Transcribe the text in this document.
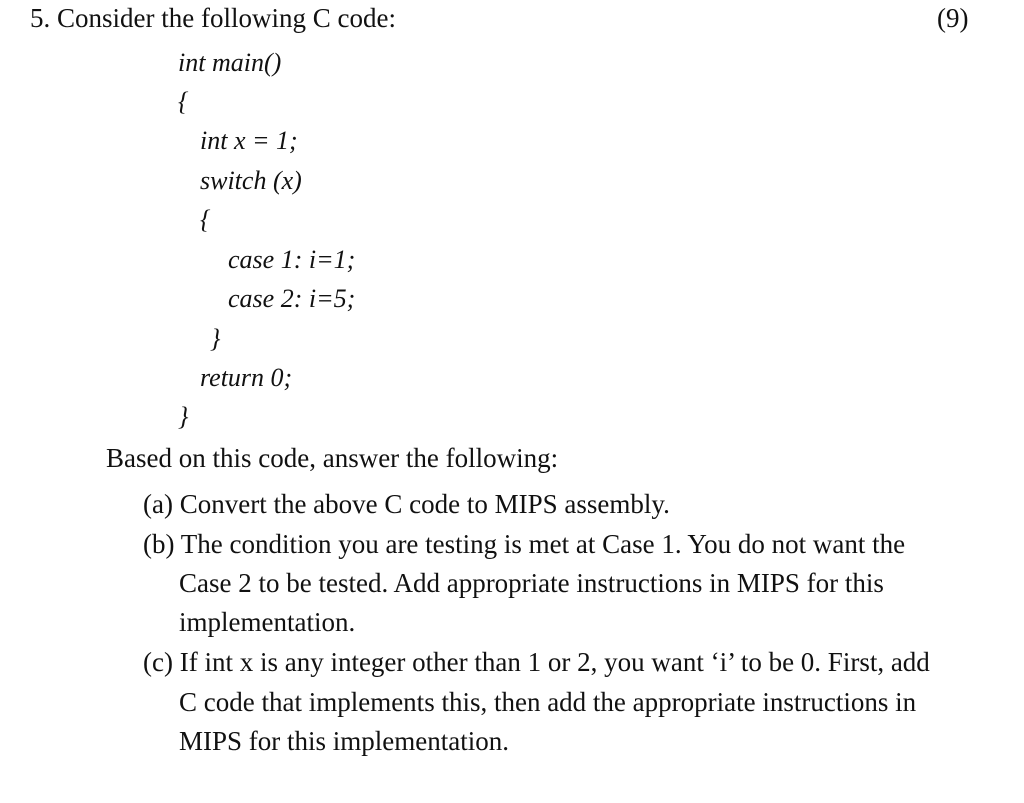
5. Consider the following C code:	(9)
int main()
{
int x = 1;
switch (x)
{
case 1: i=1;
case 2: i=5;
}
return 0;
}
Based on this code, answer the following:
(a) Convert the above C code to MIPS assembly.
(b) The condition you are testing is met at Case 1. You do not want the
Case 2 to be tested. Add appropriate instructions in MIPS for this
implementation.
(c) If int x is any integer other than 1 or 2, you want ‘i’ to be 0. First, add
C code that implements this, then add the appropriate instructions in
MIPS for this implementation.
